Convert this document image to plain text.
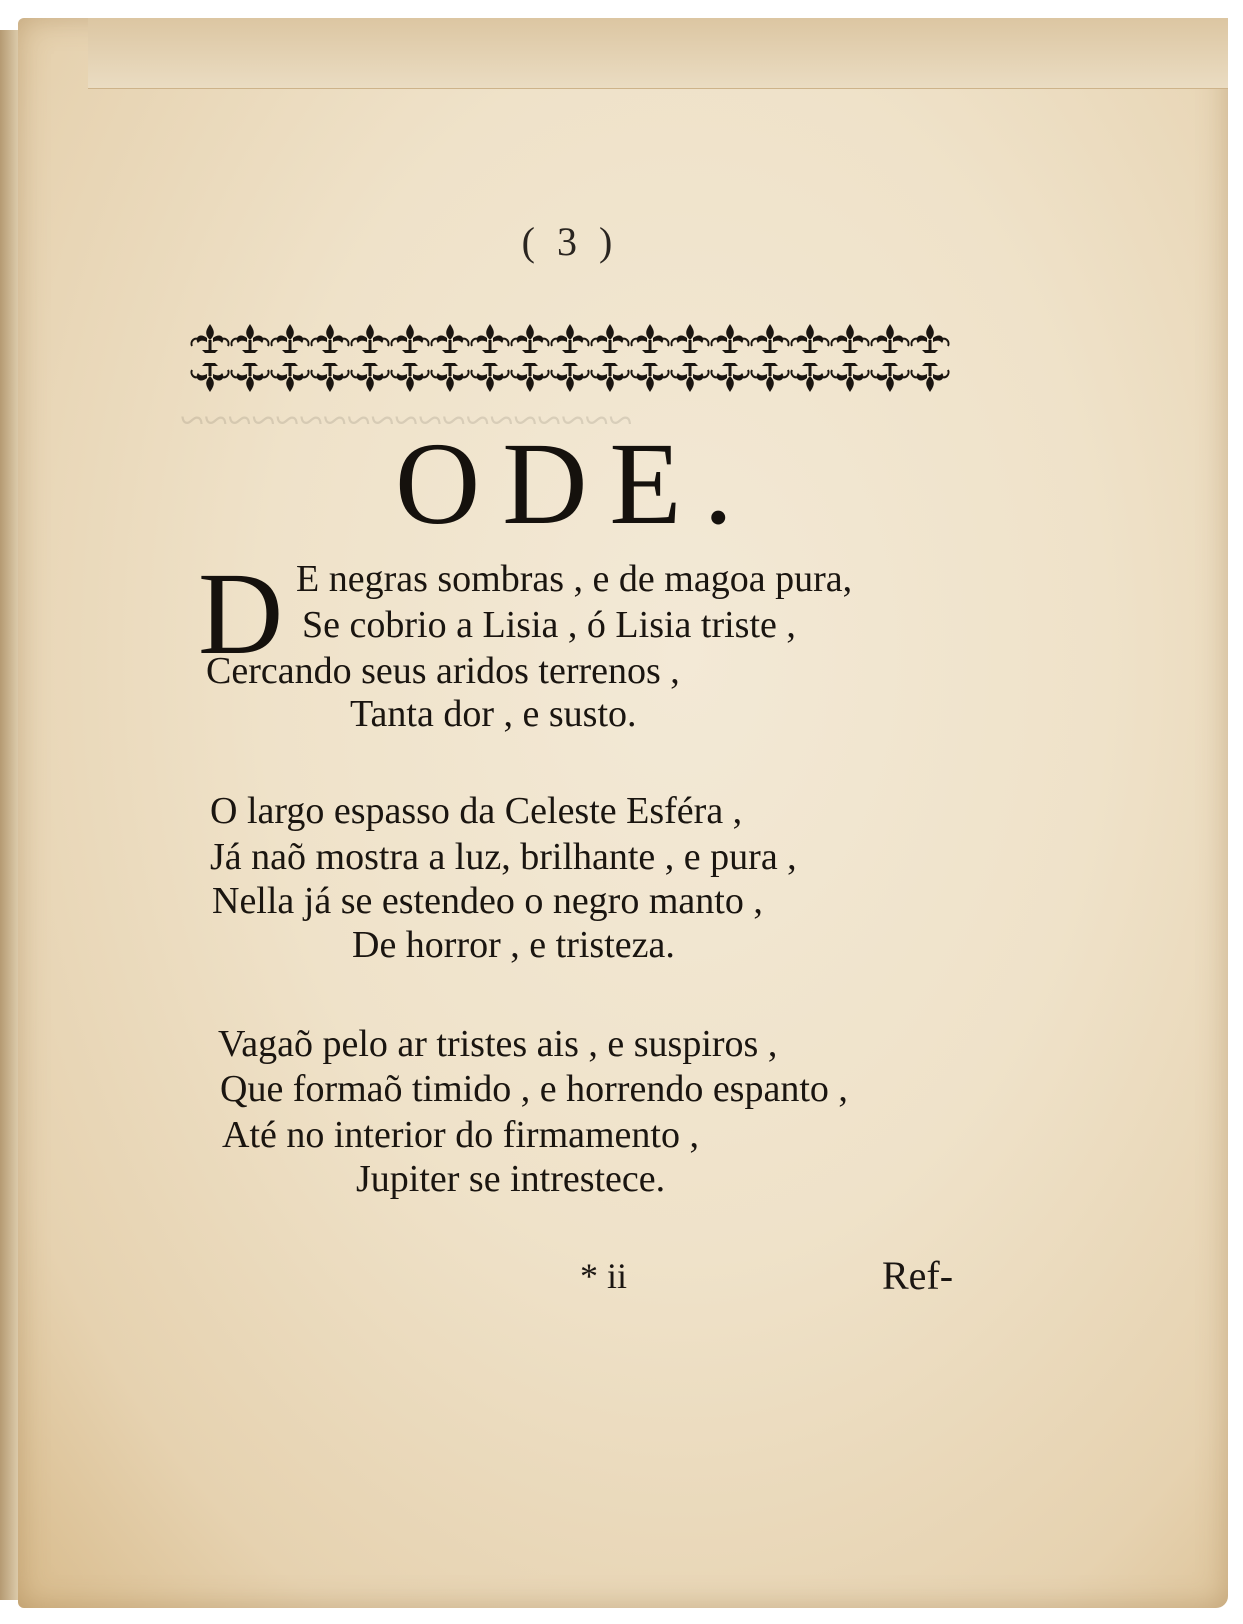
~~~~~~~~~~~~~~~~~~~
( 3 )
ODE.
D E negras sombras , e de magoa pura,
Se cobrio a Lisia , ó Lisia triste ,
Cercando seus aridos terrenos ,
Tanta dor , e susto.
O largo espasso da Celeste Esféra ,
Já naõ mostra a luz, brilhante , e pura ,
Nella já se estendeo o negro manto ,
De horror , e tristeza.
Vagaõ pelo ar tristes ais , e suspiros ,
Que formaõ timido , e horrendo espanto ,
Até no interior do firmamento ,
Jupiter se intrestece.
* ii	Ref-
